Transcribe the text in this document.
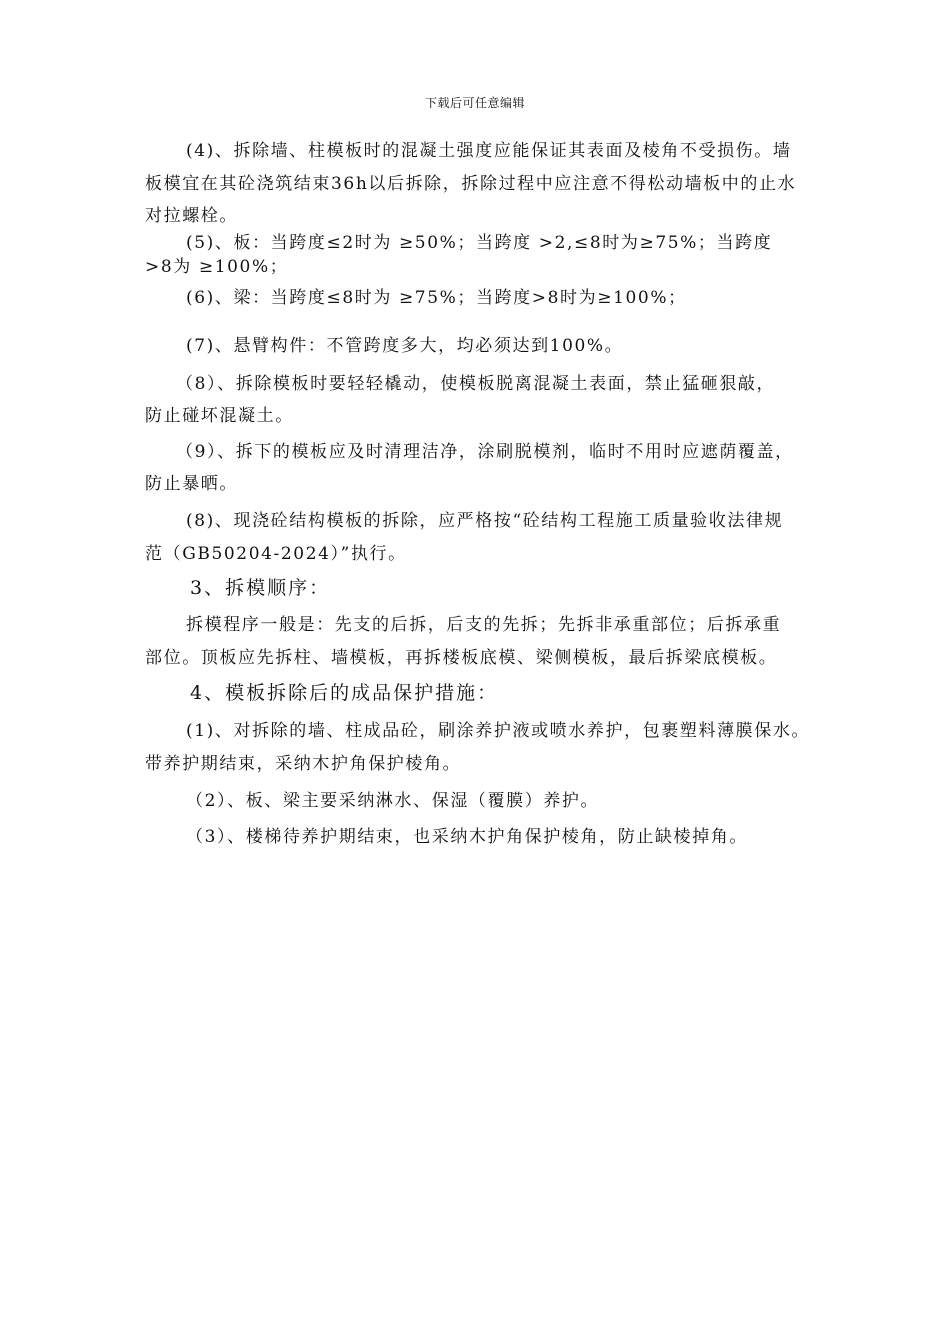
下载后可任意编辑
(4)、拆除墙、柱模板时的混凝土强度应能保证其表面及棱角不受损伤。墙
板模宜在其砼浇筑结束36h以后拆除，拆除过程中应注意不得松动墙板中的止水
对拉螺栓。
(5)、板：当跨度≤2时为 ≥50%；当跨度 >2,≤8时为≥75%；当跨度
>8为 ≥100%；
(6)、梁：当跨度≤8时为 ≥75%；当跨度>8时为≥100%；
(7)、悬臂构件：不管跨度多大，均必须达到100%。
（8）、拆除模板时要轻轻橇动，使模板脱离混凝土表面，禁止猛砸狠敲，
防止碰坏混凝土。
（9）、拆下的模板应及时清理洁净，涂刷脱模剂，临时不用时应遮荫覆盖，
防止暴晒。
(8)、现浇砼结构模板的拆除，应严格按“砼结构工程施工质量验收法律规
范（GB50204-2024）”执行。
3、拆模顺序：
拆模程序一般是：先支的后拆，后支的先拆；先拆非承重部位；后拆承重
部位。顶板应先拆柱、墙模板，再拆楼板底模、梁侧模板，最后拆梁底模板。
4、模板拆除后的成品保护措施：
(1)、对拆除的墙、柱成品砼，刷涂养护液或喷水养护，包裹塑料薄膜保水。
带养护期结束，采纳木护角保护棱角。
（2）、板、梁主要采纳淋水、保湿（覆膜）养护。
（3）、楼梯待养护期结束，也采纳木护角保护棱角，防止缺棱掉角。
